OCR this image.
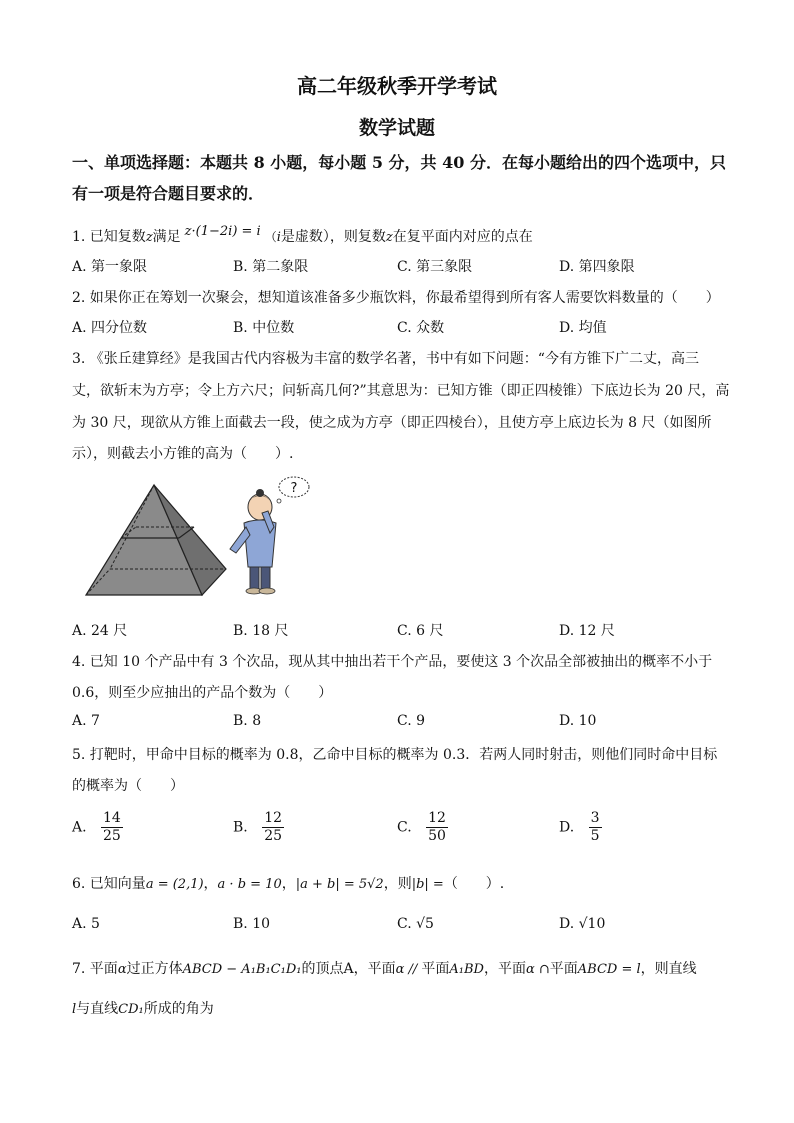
高二年级秋季开学考试
数学试题
一、单项选择题：本题共 8 小题，每小题 5 分，共 40 分．在每小题给出的四个选项中，只
有一项是符合题目要求的．
1. 已知复数z满足 z·(1−2i) = i （i是虚数），则复数z在复平面内对应的点在
A. 第一象限	B. 第二象限	C. 第三象限	D. 第四象限
2. 如果你正在筹划一次聚会，想知道该准备多少瓶饮料，你最希望得到所有客人需要饮料数量的（　　）
A. 四分位数	B. 中位数	C. 众数	D. 均值
3. 《张丘建算经》是我国古代内容极为丰富的数学名著，书中有如下问题：“今有方锥下广二丈，高三
丈，欲斩末为方亭；令上方六尺；问斩高几何?”其意思为：已知方锥（即正四棱锥）下底边长为 20 尺，高
为 30 尺，现欲从方锥上面截去一段，使之成为方亭（即正四棱台），且使方亭上底边长为 8 尺（如图所
示），则截去小方锥的高为（　　）.
?
A. 24 尺	B. 18 尺	C. 6 尺	D. 12 尺
4. 已知 10 个产品中有 3 个次品，现从其中抽出若干个产品，要使这 3 个次品全部被抽出的概率不小于
0.6，则至少应抽出的产品个数为（　　）
A. 7	B. 8	C. 9	D. 10
5. 打靶时，甲命中目标的概率为 0.8，乙命中目标的概率为 0.3．若两人同时射击，则他们同时命中目标
的概率为（　　）
A. $\frac{14}{25}$	B. $\frac{12}{25}$	C. $\frac{12}{50}$	D. $\frac{3}{5}$
6. 已知向量a = (2,1)，a · b = 10，|a + b| = 5√2，则|b| =（　　）.
A. 5	B. 10	C. √5	D. √10
7. 平面α过正方体ABCD − A₁B₁C₁D₁的顶点A，平面α // 平面A₁BD，平面α ∩平面ABCD = l，则直线
l与直线CD₁所成的角为
